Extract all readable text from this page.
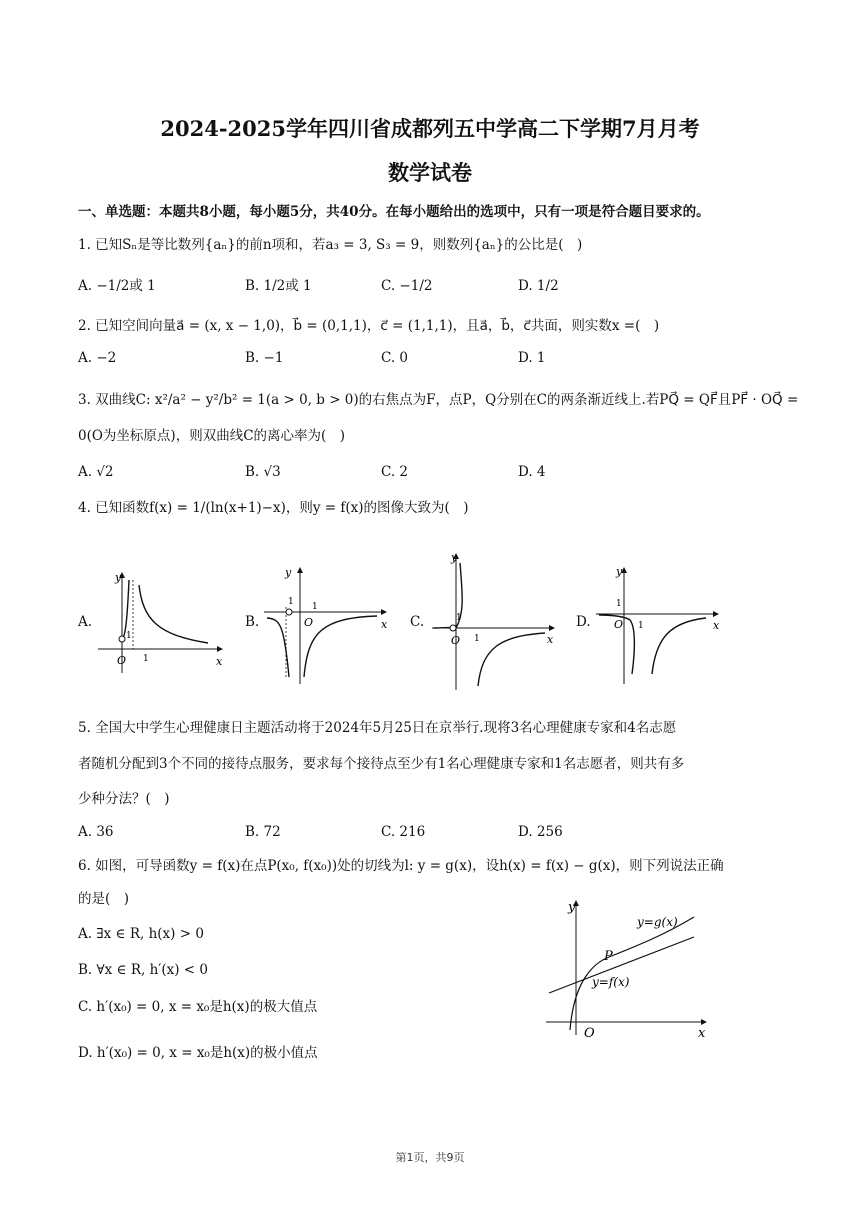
2024-2025学年四川省成都列五中学高二下学期7月月考
数学试卷
一、单选题：本题共8小题，每小题5分，共40分。在每小题给出的选项中，只有一项是符合题目要求的。
1. 已知Sₙ是等比数列{aₙ}的前n项和，若a₃ = 3, S₃ = 9，则数列{aₙ}的公比是(　)
A. −1/2或 1	B. 1/2或 1	C. −1/2	D. 1/2
2. 已知空间向量a⃗ = (x, x − 1,0)，b⃗ = (0,1,1)，c⃗ = (1,1,1)，且a⃗，b⃗，c⃗共面，则实数x =(　)
A. −2	B. −1	C. 0	D. 1
3. 双曲线C: x²/a² − y²/b² = 1(a > 0, b > 0)的右焦点为F，点P，Q分别在C的两条渐近线上.若PQ⃗ = QF⃗且PF⃗ · OQ⃗ =
0(O为坐标原点)，则双曲线C的离心率为(　)
A. √2	B. √3	C. 2	D. 4
4. 已知函数f(x) = 1/(ln(x+1)−x)，则y = f(x)的图像大致为(　)
A.	B.	C.	D.
y
x
O
1
1
y
x
O
1 1
y
x
O
1
1
y
x
O
1
1
5. 全国大中学生心理健康日主题活动将于2024年5月25日在京举行.现将3名心理健康专家和4名志愿
者随机分配到3个不同的接待点服务，要求每个接待点至少有1名心理健康专家和1名志愿者，则共有多
少种分法？(　)
A. 36	B. 72	C. 216	D. 256
6. 如图，可导函数y = f(x)在点P(x₀, f(x₀))处的切线为l: y = g(x)，设h(x) = f(x) − g(x)，则下列说法正确
的是(　)
A. ∃x ∈ R, h(x) > 0
B. ∀x ∈ R, h′(x) < 0
C. h′(x₀) = 0, x = x₀是h(x)的极大值点
D. h′(x₀) = 0, x = x₀是h(x)的极小值点
y
x
O
P
y=g(x)
y=f(x)
第1页，共9页
